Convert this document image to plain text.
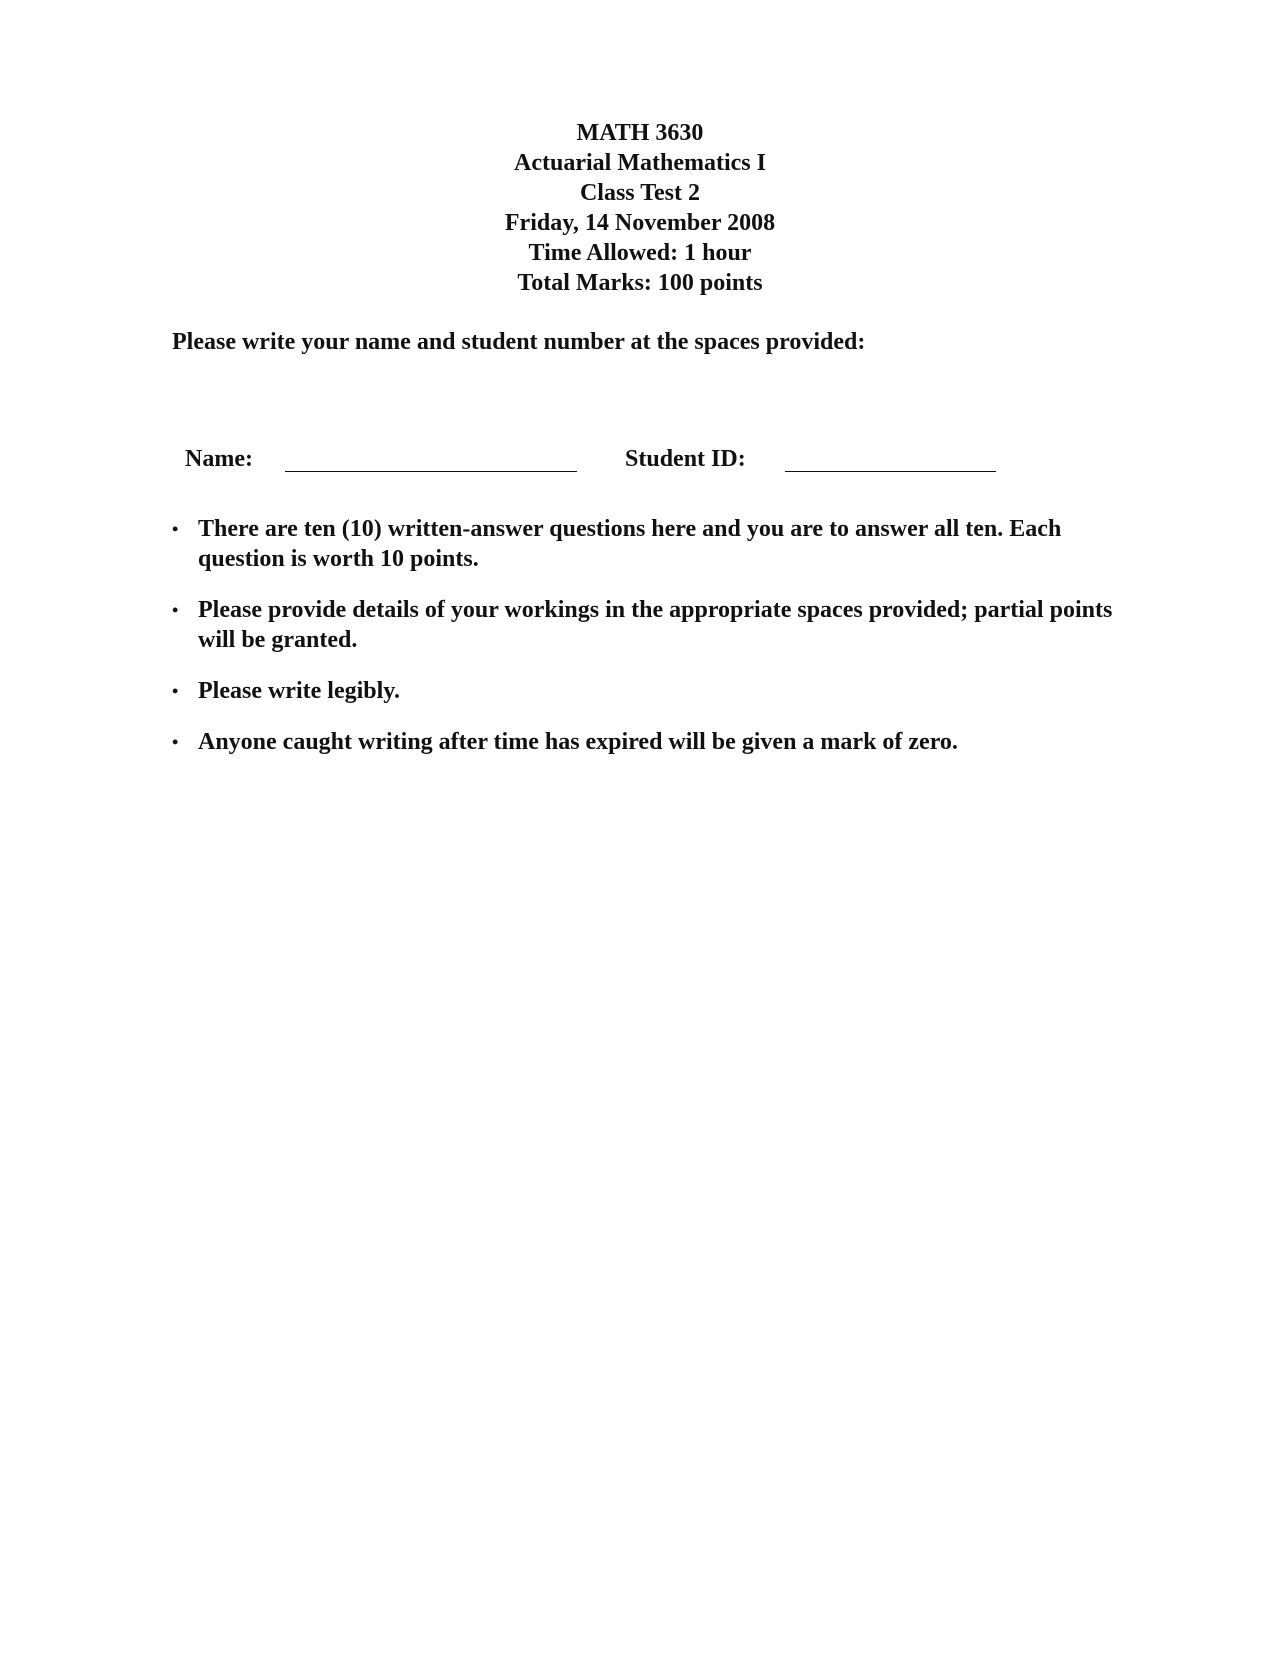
MATH 3630
Actuarial Mathematics I
Class Test 2
Friday, 14 November 2008
Time Allowed: 1 hour
Total Marks: 100 points
Please write your name and student number at the spaces provided:
Name:	Student ID:
• There are ten (10) written-answer questions here and you are to answer all ten. Each question is worth 10 points.
• Please provide details of your workings in the appropriate spaces provided; partial points will be granted.
• Please write legibly.
• Anyone caught writing after time has expired will be given a mark of zero.
